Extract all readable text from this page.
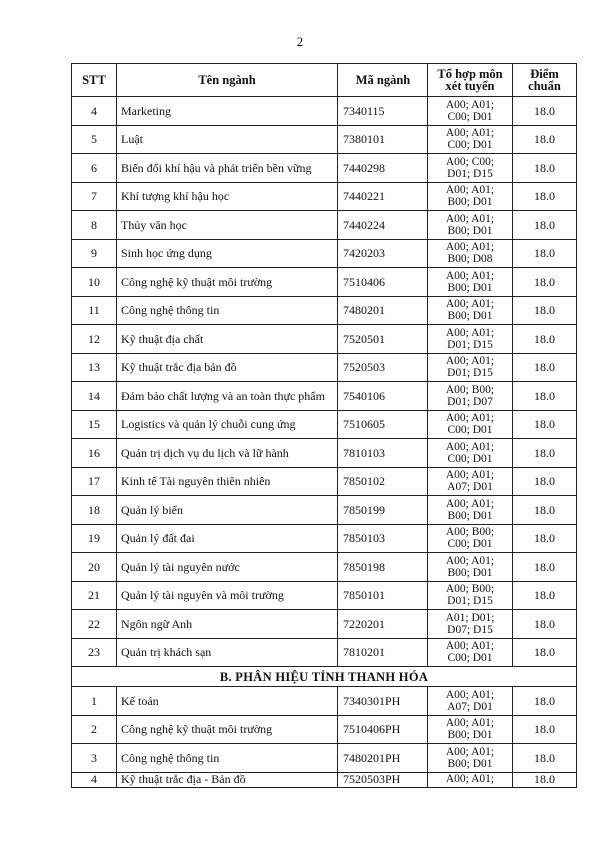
2
STT	Tên ngành	Mã ngành	Tổ hợp môn
xét tuyển	Điểm
chuẩn

4	Marketing	7340115	A00; A01;
C00; D01	18.0
5	Luật	7380101	A00; A01;
C00; D01	18.0
6	Biến đổi khí hậu và phát triển bền vững	7440298	A00; C00;
D01; D15	18.0
7	Khí tượng khí hậu học	7440221	A00; A01;
B00; D01	18.0
8	Thủy văn học	7440224	A00; A01;
B00; D01	18.0
9	Sinh học ứng dụng	7420203	A00; A01;
B00; D08	18.0
10	Công nghệ kỹ thuật môi trường	7510406	A00; A01;
B00; D01	18.0
11	Công nghệ thông tin	7480201	A00; A01;
B00; D01	18.0
12	Kỹ thuật địa chất	7520501	A00; A01;
D01; D15	18.0
13	Kỹ thuật trắc địa bản đồ	7520503	A00; A01;
D01; D15	18.0
14	Đảm bảo chất lượng và an toàn thực phẩm	7540106	A00; B00;
D01; D07	18.0
15	Logistics và quản lý chuỗi cung ứng	7510605	A00; A01;
C00; D01	18.0
16	Quản trị dịch vụ du lịch và lữ hành	7810103	A00; A01;
C00; D01	18.0
17	Kinh tế Tài nguyên thiên nhiên	7850102	A00; A01;
A07; D01	18.0
18	Quản lý biển	7850199	A00; A01;
B00; D01	18.0
19	Quản lý đất đai	7850103	A00; B00;
C00; D01	18.0
20	Quản lý tài nguyên nước	7850198	A00; A01;
B00; D01	18.0
21	Quản lý tài nguyên và môi trường	7850101	A00; B00;
D01; D15	18.0
22	Ngôn ngữ Anh	7220201	A01; D01;
D07; D15	18.0
23	Quản trị khách sạn	7810201	A00; A01;
C00; D01	18.0
B. PHÂN HIỆU TỈNH THANH HÓA				
1	Kế toán	7340301PH	A00; A01;
A07; D01	18.0
2	Công nghệ kỹ thuật môi trường	7510406PH	A00; A01;
B00; D01	18.0
3	Công nghệ thông tin	7480201PH	A00; A01;
B00; D01	18.0
4	Kỹ thuật trắc địa - Bản đồ	7520503PH	A00; A01;	18.0
